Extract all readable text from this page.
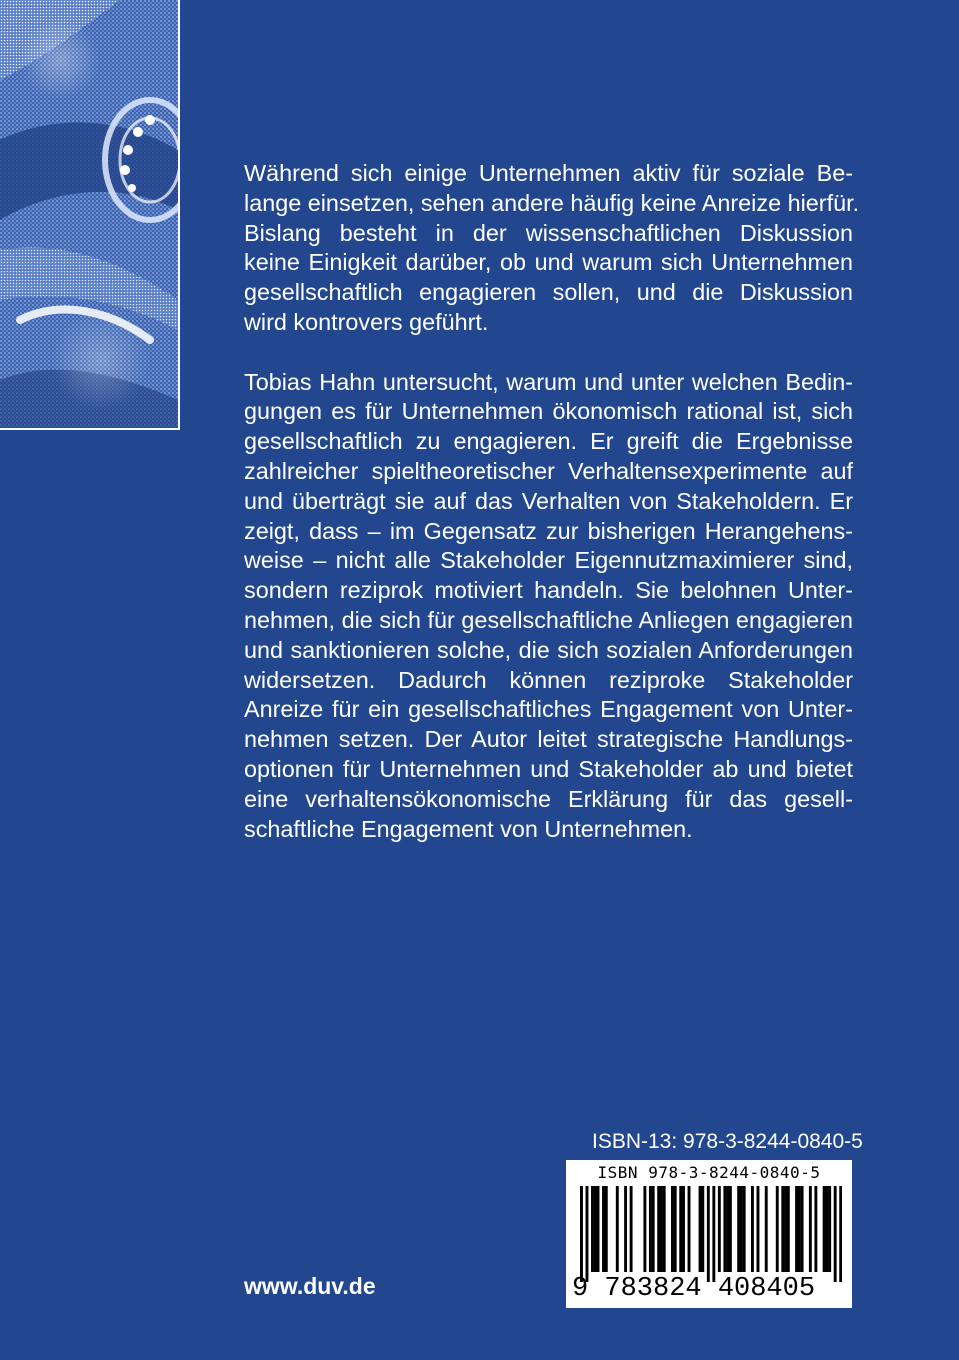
Während sich einige Unternehmen aktiv für soziale Be-
lange einsetzen, sehen andere häufig keine Anreize hierfür.
Bislang besteht in der wissenschaftlichen Diskussion
keine Einigkeit darüber, ob und warum sich Unternehmen
gesellschaftlich engagieren sollen, und die Diskussion
wird kontrovers geführt.

Tobias Hahn untersucht, warum und unter welchen Bedin-
gungen es für Unternehmen ökonomisch rational ist, sich
gesellschaftlich zu engagieren. Er greift die Ergebnisse
zahlreicher spieltheoretischer Verhaltensexperimente auf
und überträgt sie auf das Verhalten von Stakeholdern. Er
zeigt, dass – im Gegensatz zur bisherigen Herangehens-
weise – nicht alle Stakeholder Eigennutzmaximierer sind,
sondern reziprok motiviert handeln. Sie belohnen Unter-
nehmen, die sich für gesellschaftliche Anliegen engagieren
und sanktionieren solche, die sich sozialen Anforderungen
widersetzen. Dadurch können reziproke Stakeholder
Anreize für ein gesellschaftliches Engagement von Unter-
nehmen setzen. Der Autor leitet strategische Handlungs-
optionen für Unternehmen und Stakeholder ab und bietet
eine verhaltensökonomische Erklärung für das gesell-
schaftliche Engagement von Unternehmen.

ISBN-13: 978-3-8244-0840-5
ISBN 978-3-8244-0840-5
9 783824 408405
www.duv.de
